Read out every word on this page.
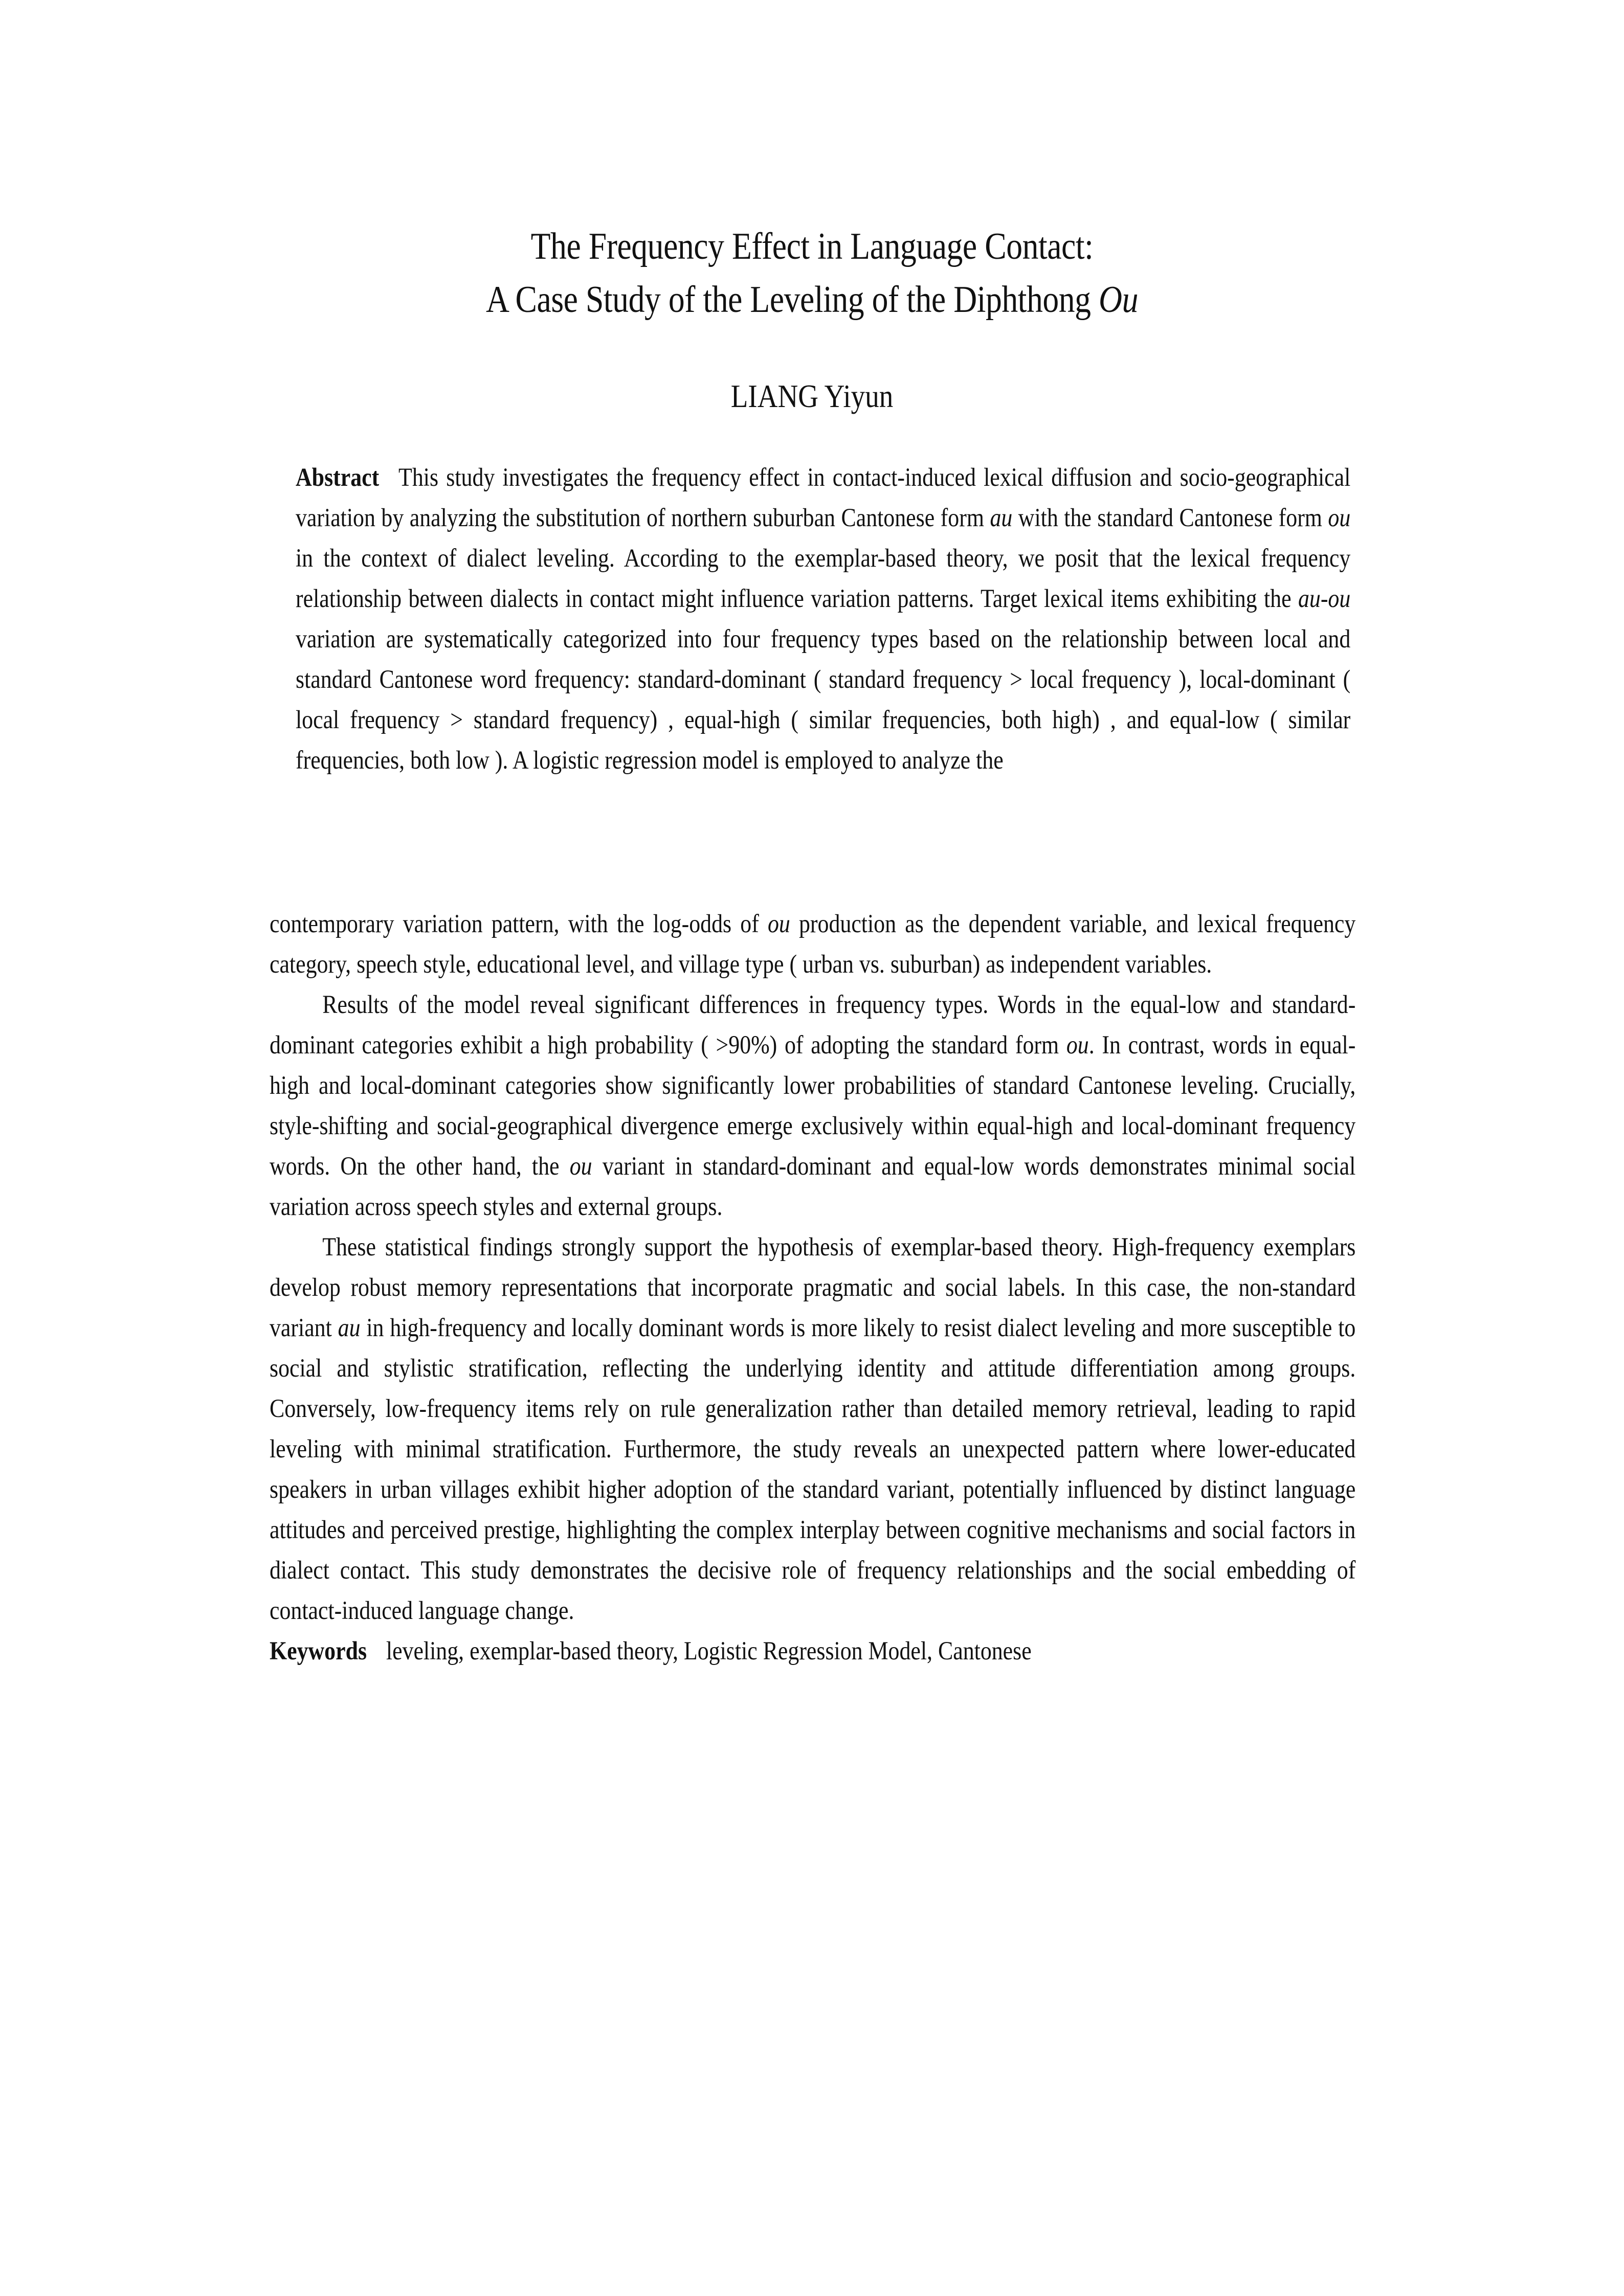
The Frequency Effect in Language Contact:
A Case Study of the Leveling of the Diphthong Ou
LIANG Yiyun

Abstract This study investigates the frequency effect in contact-induced lexical diffusion and socio-geographical variation by analyzing the substitution of northern suburban Cantonese form au with the standard Cantonese form ou in the context of dialect leveling. According to the exemplar-based theory, we posit that the lexical frequency relationship between dialects in contact might influence variation patterns. Target lexical items exhibiting the au-ou variation are systematically categorized into four frequency types based on the relationship between local and standard Cantonese word frequency: standard-dominant ( standard frequency > local frequency ), local-dominant ( local frequency > standard frequency) , equal-high ( similar frequencies, both high) , and equal-low ( similar frequencies, both low ). A logistic regression model is employed to analyze the

contemporary variation pattern, with the log-odds of ou production as the dependent variable, and lexical frequency category, speech style, educational level, and village type ( urban vs. suburban) as independent variables.

Results of the model reveal significant differences in frequency types. Words in the equal-low and standard-dominant categories exhibit a high probability ( >90%) of adopting the standard form ou. In contrast, words in equal-high and local-dominant categories show significantly lower probabilities of standard Cantonese leveling. Crucially, style-shifting and social-geographical divergence emerge exclusively within equal-high and local-dominant frequency words. On the other hand, the ou variant in standard-dominant and equal-low words demonstrates minimal social variation across speech styles and external groups.

These statistical findings strongly support the hypothesis of exemplar-based theory. High-frequency exemplars develop robust memory representations that incorporate pragmatic and social labels. In this case, the non-standard variant au in high-frequency and locally dominant words is more likely to resist dialect leveling and more susceptible to social and stylistic stratification, reflecting the underlying identity and attitude differentiation among groups. Conversely, low-frequency items rely on rule generalization rather than detailed memory retrieval, leading to rapid leveling with minimal stratification. Furthermore, the study reveals an unexpected pattern where lower-educated speakers in urban villages exhibit higher adoption of the standard variant, potentially influenced by distinct language attitudes and perceived prestige, highlighting the complex interplay between cognitive mechanisms and social factors in dialect contact. This study demonstrates the decisive role of frequency relationships and the social embedding of contact-induced language change.

Keywords leveling, exemplar-based theory, Logistic Regression Model, Cantonese
